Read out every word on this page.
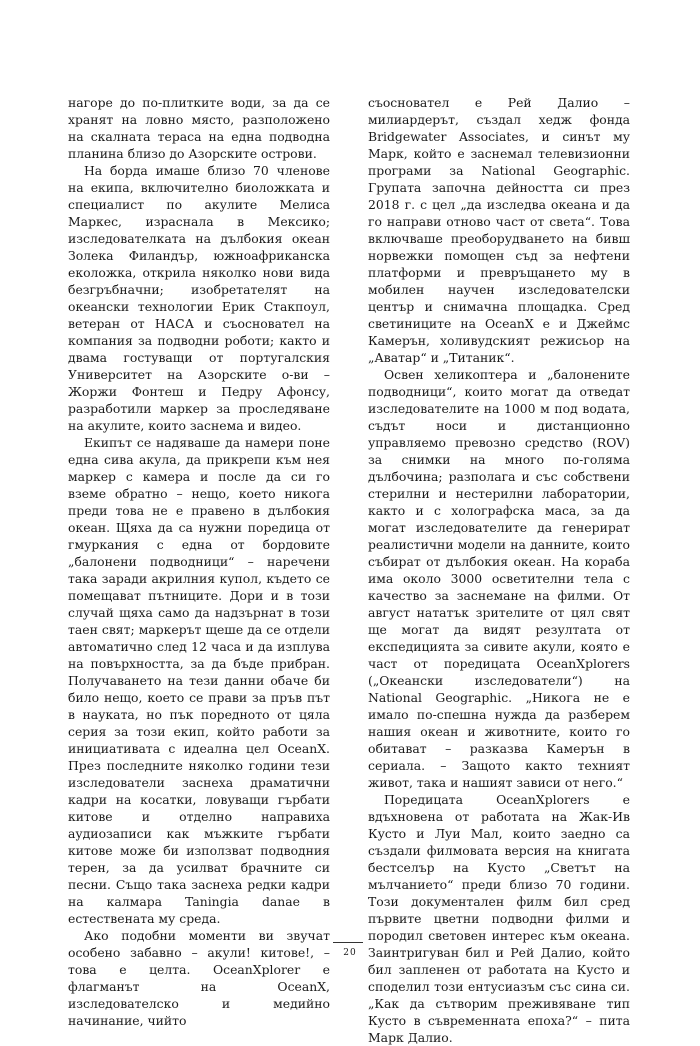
нагоре до по-плитките води, за да се хранят на ловно място, разположено на скалната тераса на една подводна планина близо до Азорските острови.

На борда имаше близо 70 членове на екипа, включително биоложката и специалист по акулите Мелиса Маркес, израснала в Мексико; изследователката на дълбокия океан Золека Филандър, южноафриканска еколожка, открила няколко нови вида безгръбначни; изобретателят на океански технологии Ерик Стакпоул, ветеран от НАСА и съосновател на компания за подводни роботи; както и двама гостуващи от португалския Университет на Азорските о-ви – Жоржи Фонтеш и Педру Афонсу, разработили маркер за проследяване на акулите, които заснема и видео.

Екипът се надяваше да намери поне една сива акула, да прикрепи към нея маркер с камера и после да си го вземе обратно – нещо, което никога преди това не е правено в дълбокия океан. Щяха да са нужни поредица от гмуркания с една от бордовите „балонени подводници“ – наречени така заради акрилния купол, където се помещават пътниците. Дори и в този случай щяха само да надзърнат в този таен свят; маркерът щеше да се отдели автоматично след 12 часа и да изплува на повърхността, за да бъде прибран. Получаването на тези данни обаче би било нещо, което се прави за пръв път в науката, но пък поредното от цяла серия за този екип, който работи за инициативата с идеална цел OceanX. През последните няколко години тези изследователи заснеха драматични кадри на косатки, ловуващи гърбати китове и отделно направиха аудиозаписи как мъжките гърбати китове може би използват подводния терен, за да усилват брачните си песни. Също така заснеха редки кадри на калмара Taningia danae в естествената му среда.

Ако подобни моменти ви звучат особено забавно – акули! китове!, – това е целта. OceanXplorer е флагманът на OceanX, изследователско и медийно начинание, чийто

съосновател е Рей Далио – милиардерът, създал хедж фонда Bridgewater Associates, и синът му Марк, който е заснемал телевизионни програми за National Geographic. Групата започна дейността си през 2018 г. с цел „да изследва океана и да го направи отново част от света“. Това включваше преоборудването на бивш норвежки помощен съд за нефтени платформи и превръщането му в мобилен научен изследователски център и снимачна площадка. Сред светиниците на OceanX е и Джеймс Камерън, холивудският режисьор на „Аватар“ и „Титаник“.

Освен хеликоптера и „балонените подводници“, които могат да отведат изследователите на 1000 м под водата, съдът носи и дистанционно управляемо превозно средство (ROV) за снимки на много по-голяма дълбочина; разполага и със собствени стерилни и нестерилни лаборатории, както и с холографска маса, за да могат изследователите да генерират реалистични модели на данните, които събират от дълбокия океан. На кораба има около 3000 осветителни тела с качество за заснемане на филми. От август нататък зрителите от цял свят ще могат да видят резултата от експедицията за сивите акули, която е част от поредицата OceanXplorers („Океански изследователи“) на National Geographic. „Никога не е имало по-спешна нужда да разберем нашия океан и животните, които го обитават – разказва Камерън в сериала. – Защото както техният живот, така и нашият зависи от него.“

Поредицата OceanXplorers е вдъхновена от работата на Жак-Ив Кусто и Луи Мал, които заедно са създали филмовата версия на книгата бестселър на Кусто „Светът на мълчанието“ преди близо 70 години. Този документален филм бил сред първите цветни подводни филми и породил световен интерес към океана. Заинтригуван бил и Рей Далио, който бил запленен от работата на Кусто и споделил този ентусиазъм със сина си. „Как да сътворим преживяване тип Кусто в съвременната епоха?“ – пита Марк Далио.

20
